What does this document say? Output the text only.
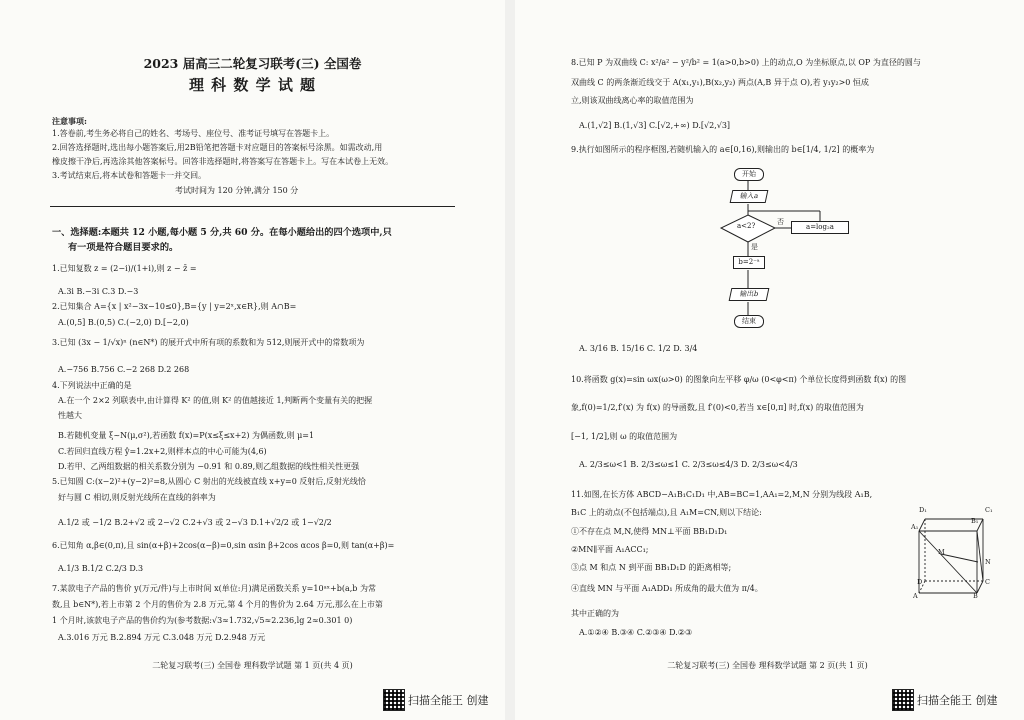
2023 届高三二轮复习联考(三) 全国卷
理 科 数 学 试 题
注意事项:
1.答卷前,考生务必将自己的姓名、考场号、座位号、准考证号填写在答题卡上。
2.回答选择题时,选出每小题答案后,用2B铅笔把答题卡对应题目的答案标号涂黑。如需改动,用
橡皮擦干净后,再选涂其他答案标号。回答非选择题时,将答案写在答题卡上。写在本试卷上无效。
3.考试结束后,将本试卷和答题卡一并交回。
考试时间为 120 分钟,满分 150 分
一、选择题:本题共 12 小题,每小题 5 分,共 60 分。在每小题给出的四个选项中,只
有一项是符合题目要求的。
1.已知复数 z = (2−i)/(1+i),则 z − z̄ =
A.3i B.−3i C.3 D.−3
2.已知集合 A={x | x²−3x−10≤0},B={y | y=2ˣ,x∈R},则 A∩B=
A.(0,5] B.(0,5) C.(−2,0) D.[−2,0)
3.已知 (3x − 1/√x)ⁿ (n∈N*) 的展开式中所有项的系数和为 512,则展开式中的常数项为
A.−756 B.756 C.−2 268 D.2 268
4.下列说法中正确的是
A.在一个 2×2 列联表中,由计算得 K² 的值,则 K² 的值越接近 1,判断两个变量有关的把握
性越大
B.若随机变量 ξ~N(μ,σ²),若函数 f(x)=P(x≤ξ≤x+2) 为偶函数,则 μ=1
C.若回归直线方程 ŷ=1.2x+2,则样本点的中心可能为(4,6)
D.若甲、乙两组数据的相关系数分别为 −0.91 和 0.89,则乙组数据的线性相关性更强
5.已知圆 C:(x−2)²+(y−2)²=8,从圆心 C 射出的光线被直线 x+y=0 反射后,反射光线恰
好与圆 C 相切,则反射光线所在直线的斜率为
A.1/2 或 −1/2 B.2+√2 或 2−√2 C.2+√3 或 2−√3 D.1+√2/2 或 1−√2/2
6.已知角 α,β∈(0,π),且 sin(α+β)+2cos(α−β)=0,sin αsin β+2cos αcos β=0,则 tan(α+β)=
A.1/3 B.1/2 C.2/3 D.3
7.某款电子产品的售价 y(万元/件)与上市时间 x(单位:月)满足函数关系 y=10ᵃˣ+b(a,b 为常
数,且 b∈N*),若上市第 2 个月的售价为 2.8 万元,第 4 个月的售价为 2.64 万元,那么在上市第
1 个月时,该款电子产品的售价约为(参考数据:√3≈1.732,√5≈2.236,lg 2≈0.301 0)
A.3.016 万元 B.2.894 万元 C.3.048 万元 D.2.948 万元
二轮复习联考(三) 全国卷 理科数学试题 第 1 页(共 4 页)
扫描全能王 创建
8.已知 P 为双曲线 C: x²/a² − y²/b² = 1(a>0,b>0) 上的动点,O 为坐标原点,以 OP 为直径的圆与
双曲线 C 的两条渐近线交于 A(x₁,y₁),B(x₂,y₂) 两点(A,B 异于点 O),若 y₁y₂>0 恒成
立,则该双曲线离心率的取值范围为
A.(1,√2] B.(1,√3] C.[√2,+∞) D.[√2,√3]
9.执行如图所示的程序框图,若随机输入的 a∈[0,16),则输出的 b∈[1/4, 1/2] 的概率为
开始
输入a
a<2?	否
a=log₂a
是
b=2⁻ᵃ
输出b
结束
A. 3/16 B. 15/16 C. 1/2 D. 3/4
10.将函数 g(x)=sin ωx(ω>0) 的图象向左平移 φ/ω (0<φ<π) 个单位长度得到函数 f(x) 的图
象,f(0)=1/2,f′(x) 为 f(x) 的导函数,且 f′(0)<0,若当 x∈[0,π] 时,f(x) 的取值范围为
[−1, 1/2],则 ω 的取值范围为
A. 2/3≤ω<1 B. 2/3≤ω≤1 C. 2/3≤ω≤4/3 D. 2/3≤ω<4/3
11.如图,在长方体 ABCD−A₁B₁C₁D₁ 中,AB=BC=1,AA₁=2,M,N 分别为线段 A₁B,
B₁C 上的动点(不包括端点),且 A₁M=CN,则以下结论:
①不存在点 M,N,使得 MN⊥平面 BB₁D₁D₁
②MN∥平面 A₁ACC₁;
③点 M 和点 N 到平面 BB₁D₁D 的距离相等;
④直线 MN 与平面 A₁ADD₁ 所成角的最大值为 π/4。
其中正确的为
A.①②④ B.③④ C.②③④ D.②③
D₁	C₁
A₁
B₁
M
N
D	C
A	B
二轮复习联考(三) 全国卷 理科数学试题 第 2 页(共 1 页)
扫描全能王 创建
